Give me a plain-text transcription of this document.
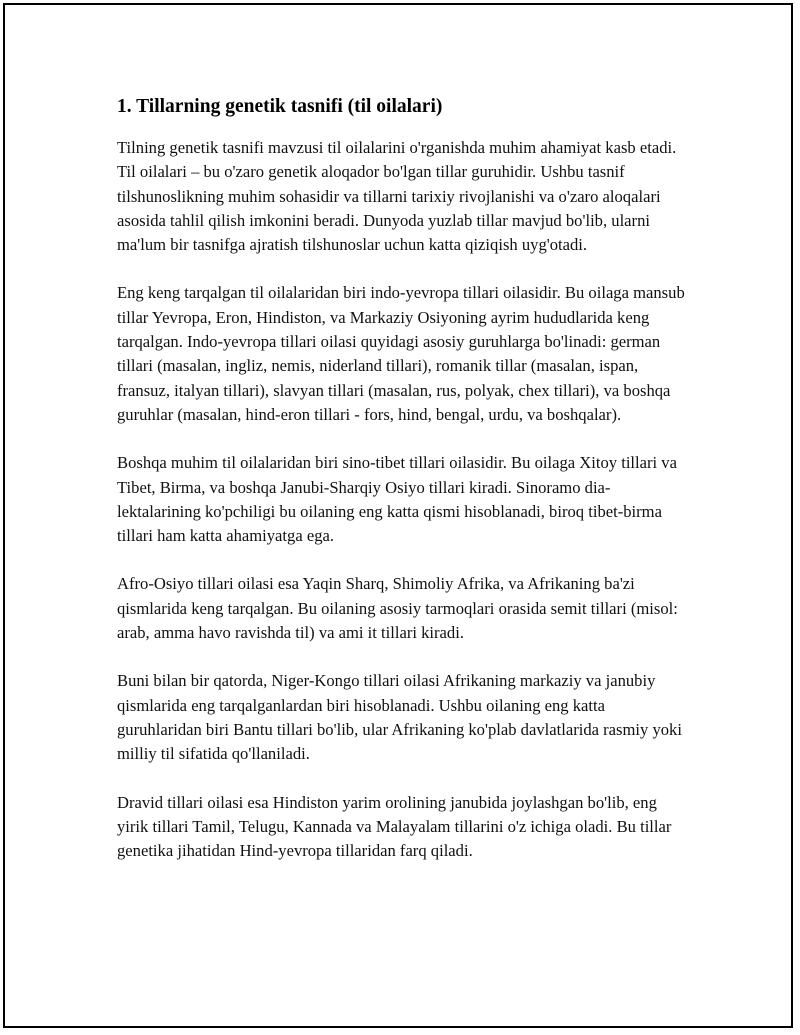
1. Tillarning genetik tasnifi (til oilalari)

Tilning genetik tasnifi mavzusi til oilalarini o'rganishda muhim ahamiyat kasb etadi. Til oilalari – bu o'zaro genetik aloqador bo'lgan tillar guruhidir. Ushbu tasnif tilshunoslikning muhim sohasidir va tillarni tarixiy rivojlanishi va o'zaro aloqalari asosida tahlil qilish imkonini beradi. Dunyoda yuzlab tillar mavjud bo'lib, ularni ma'lum bir tasnifga ajratish tilshunoslar uchun katta qiziqish uyg'otadi.

Eng keng tarqalgan til oilalaridan biri indo-yevropa tillari oilasidir. Bu oilaga mansub tillar Yevropa, Eron, Hindiston, va Markaziy Osiyoning ayrim hududlarida keng tarqalgan. Indo-yevropa tillari oilasi quyidagi asosiy guruhlarga bo'linadi: german tillari (masalan, ingliz, nemis, niderland tillari), romanik tillar (masalan, ispan, fransuz, italyan tillari), slavyan tillari (masalan, rus, polyak, chex tillari), va boshqa guruhlar (masalan, hind-eron tillari - fors, hind, bengal, urdu, va boshqalar).

Boshqa muhim til oilalaridan biri sino-tibet tillari oilasidir. Bu oilaga Xitoy tillari va Tibet, Birma, va boshqa Janubi-Sharqiy Osiyo tillari kiradi. Sinoramo dia-lektalarining ko'pchiligi bu oilaning eng katta qismi hisoblanadi, biroq tibet-birma tillari ham katta ahamiyatga ega.

Afro-Osiyo tillari oilasi esa Yaqin Sharq, Shimoliy Afrika, va Afrikaning ba'zi qismlarida keng tarqalgan. Bu oilaning asosiy tarmoqlari orasida semit tillari (misol: arab, amma havo ravishda til) va ami it tillari kiradi.

Buni bilan bir qatorda, Niger-Kongo tillari oilasi Afrikaning markaziy va janubiy qismlarida eng tarqalganlardan biri hisoblanadi. Ushbu oilaning eng katta guruhlaridan biri Bantu tillari bo'lib, ular Afrikaning ko'plab davlatlarida rasmiy yoki milliy til sifatida qo'llaniladi.

Dravid tillari oilasi esa Hindiston yarim orolining janubida joylashgan bo'lib, eng yirik tillari Tamil, Telugu, Kannada va Malayalam tillarini o'z ichiga oladi. Bu tillar genetika jihatidan Hind-yevropa tillaridan farq qiladi.
